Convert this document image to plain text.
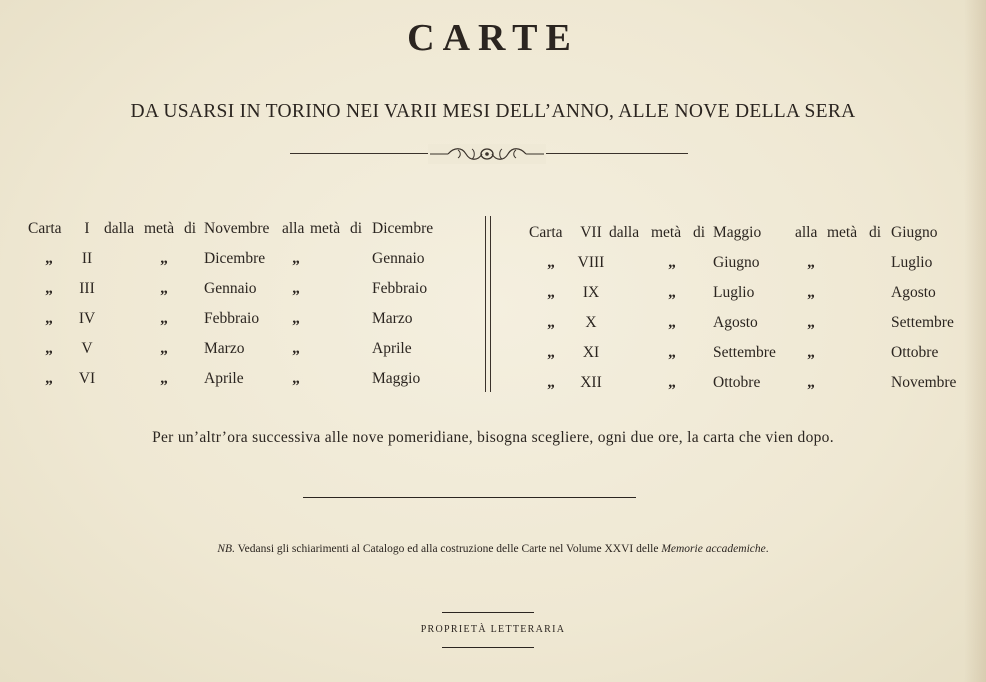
CARTE
DA USARSI IN TORINO NEI VARII MESI DELL’ANNO, ALLE NOVE DELLA SERA
Carta	I	dalla	metà	di	Novembre	alla	metà	di	Dicembre
„	II		„		Dicembre	„			Gennaio
„	III		„		Gennaio	„			Febbraio
„	IV		„		Febbraio	„			Marzo
„	V		„		Marzo	„			Aprile
„	VI		„		Aprile	„			Maggio
Carta	VII	dalla	metà	di	Maggio	alla	metà	di	Giugno
„	VIII		„		Giugno	„			Luglio
„	IX		„		Luglio	„			Agosto
„	X		„		Agosto	„			Settembre
„	XI		„		Settembre	„			Ottobre
„	XII		„		Ottobre	„			Novembre
Per un’altr’ora successiva alle nove pomeridiane, bisogna scegliere, ogni due ore, la carta che vien dopo.
NB. Vedansi gli schiarimenti al Catalogo ed alla costruzione delle Carte nel Volume XXVI delle Memorie accademiche.
PROPRIETÀ LETTERARIA
